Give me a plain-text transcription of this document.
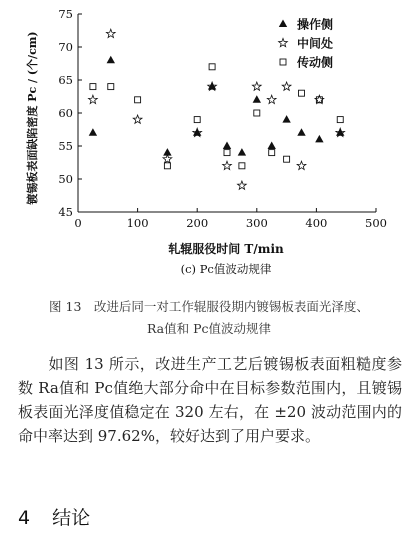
45
50
55
60
65
70
75
0	100	200	300	400	500
操作侧
中间处
传动侧
镀锡板表面缺陷密度 Pc / (个/cm)
轧辊服役时间 T/min
(c) Pc值波动规律
图 13　改进后同一对工作辊服役期内镀锡板表面光泽度、
Ra值和 Pc值波动规律
如图 13 所示，改进生产工艺后镀锡板表面粗糙度参数 Ra值和 Pc值绝大部分命中在目标参数范围内，且镀锡板表面光泽度值稳定在 320 左右，在 ±20 波动范围内的命中率达到 97.62%，较好达到了用户要求。
4 结论
